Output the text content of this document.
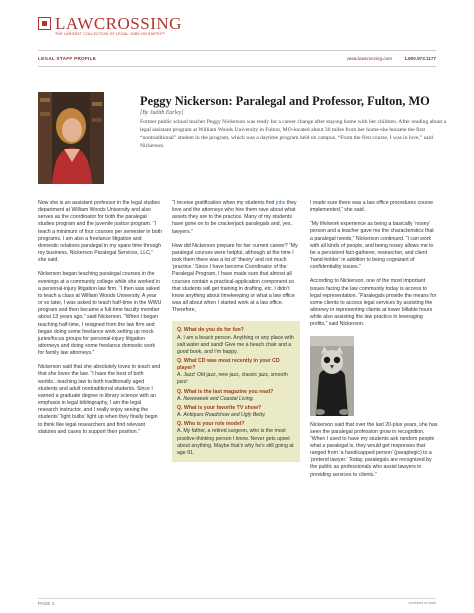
LAWCROSSING
THE LARGEST COLLECTION OF LEGAL JOBS ON EARTH™
LEGAL STAFF PROFILE	www.lawcrossing.com	1.800.973.1177
Peggy Nickerson: Paralegal and Professor, Fulton, MO
[By Judith Earley]
Former public school teacher Peggy Nickerson was ready for a career change after staying home with her children. After reading about a legal assistant program at William Woods University in Fulton, MO-located about 30 miles from her home-she became the first “nontraditional” student in the program, which was a daytime program held on campus. “From the first course, I was in love,” said Nickerson.

Now she is an assistant professor in the legal studies department at William Woods University and also serves as the coordinator for both the paralegal studies program and the juvenile justice program. “I teach a minimum of four courses per semester in both programs. I am also a freelance litigation and domestic relations paralegal in my spare time through my business, Nickerson Paralegal Services, LLC,” she said.

Nickerson began teaching paralegal courses in the evenings at a community college while she worked in a personal-injury litigation law firm. “I then was asked to teach a class at William Woods University. A year or so later, I was asked to teach half-time in the WWU program and then became a full-time faculty member about 13 years ago,” said Nickerson. “When I began teaching half-time, I resigned from the law firm and began doing some freelance work setting up mock juries/focus groups for personal-injury litigation attorneys and doing some freelance domestic work for family law attorneys.”

Nickerson said that she absolutely loves to teach and that she loves the law. “I have the best of both worlds...teaching law to both traditionally aged students and adult nontraditional students. Since I earned a graduate degree in library science with an emphasis in legal bibliography, I am the legal research instructor, and I really enjoy seeing the students’ ‘light bulbs’ light up when they finally begin to think like legal researchers and find relevant statutes and cases to support their position.”

“I receive gratification when my students find jobs they love and the attorneys who hire them rave about what assets they are to the practice. Many of my students have gone on to be crackerjack paralegals and, yes, lawyers.”

How did Nickerson prepare for her current career? “My paralegal courses were helpful, although at the time I took them there was a lot of ‘theory’ and not much ‘practice.’ Since I have become Coordinator of the Paralegal Program, I have made sure that almost all courses contain a practical-application component so that students will get training in drafting, etc. I didn’t know anything about timekeeping or what a law office was all about when I started work at a law office. Therefore,

Q. What do you do for fun?
A. I am a beach person. Anything or any place with salt water and sand! Give me a beach chair and a good book, and I’m happy.
Q. What CD was most recently in your CD player?
A. Jazz! Old jazz, new jazz, classic jazz, smooth jazz!
Q. What is the last magazine you read?
A. Newsweek and Coastal Living.
Q. What is your favorite TV show?
A. Antiques Roadshow and Ugly Betty.
Q. Who is your role model?
A. My father, a retired surgeon, who is the most positive-thinking person I know. Never gets upset about anything. Maybe that’s why he’s still going at age 91.

I made sure there was a law office procedures course implemented,” she said.

“My life/work experience as being a basically ‘nosey’ person and a teacher gave me the characteristics that a paralegal needs,” Nickerson continued. “I can work with all kinds of people, and being nosey allows me to be a persistent fact-gatherer, researcher, and client ‘hand-holder’ in addition to being cognizant of confidentiality issues.”

According to Nickerson, one of the most important issues facing the law community today is access to legal representation. “Paralegals provide the means for some clients to access legal services by assisting the attorney in representing clients at lower billable hours while also assisting the law practice in leveraging profits,” said Nickerson.

Nickerson said that over the last 20-plus years, she has seen the paralegal profession grow in recognition. “When I used to have my students ask random people what a paralegal is, they would get responses that ranged from ‘a handicapped person’ (paraplegic) to a ‘pretend lawyer.’ Today, paralegals are recognized by the public as professionals who assist lawyers in providing services to clients.”

PAGE 1	continued on back
